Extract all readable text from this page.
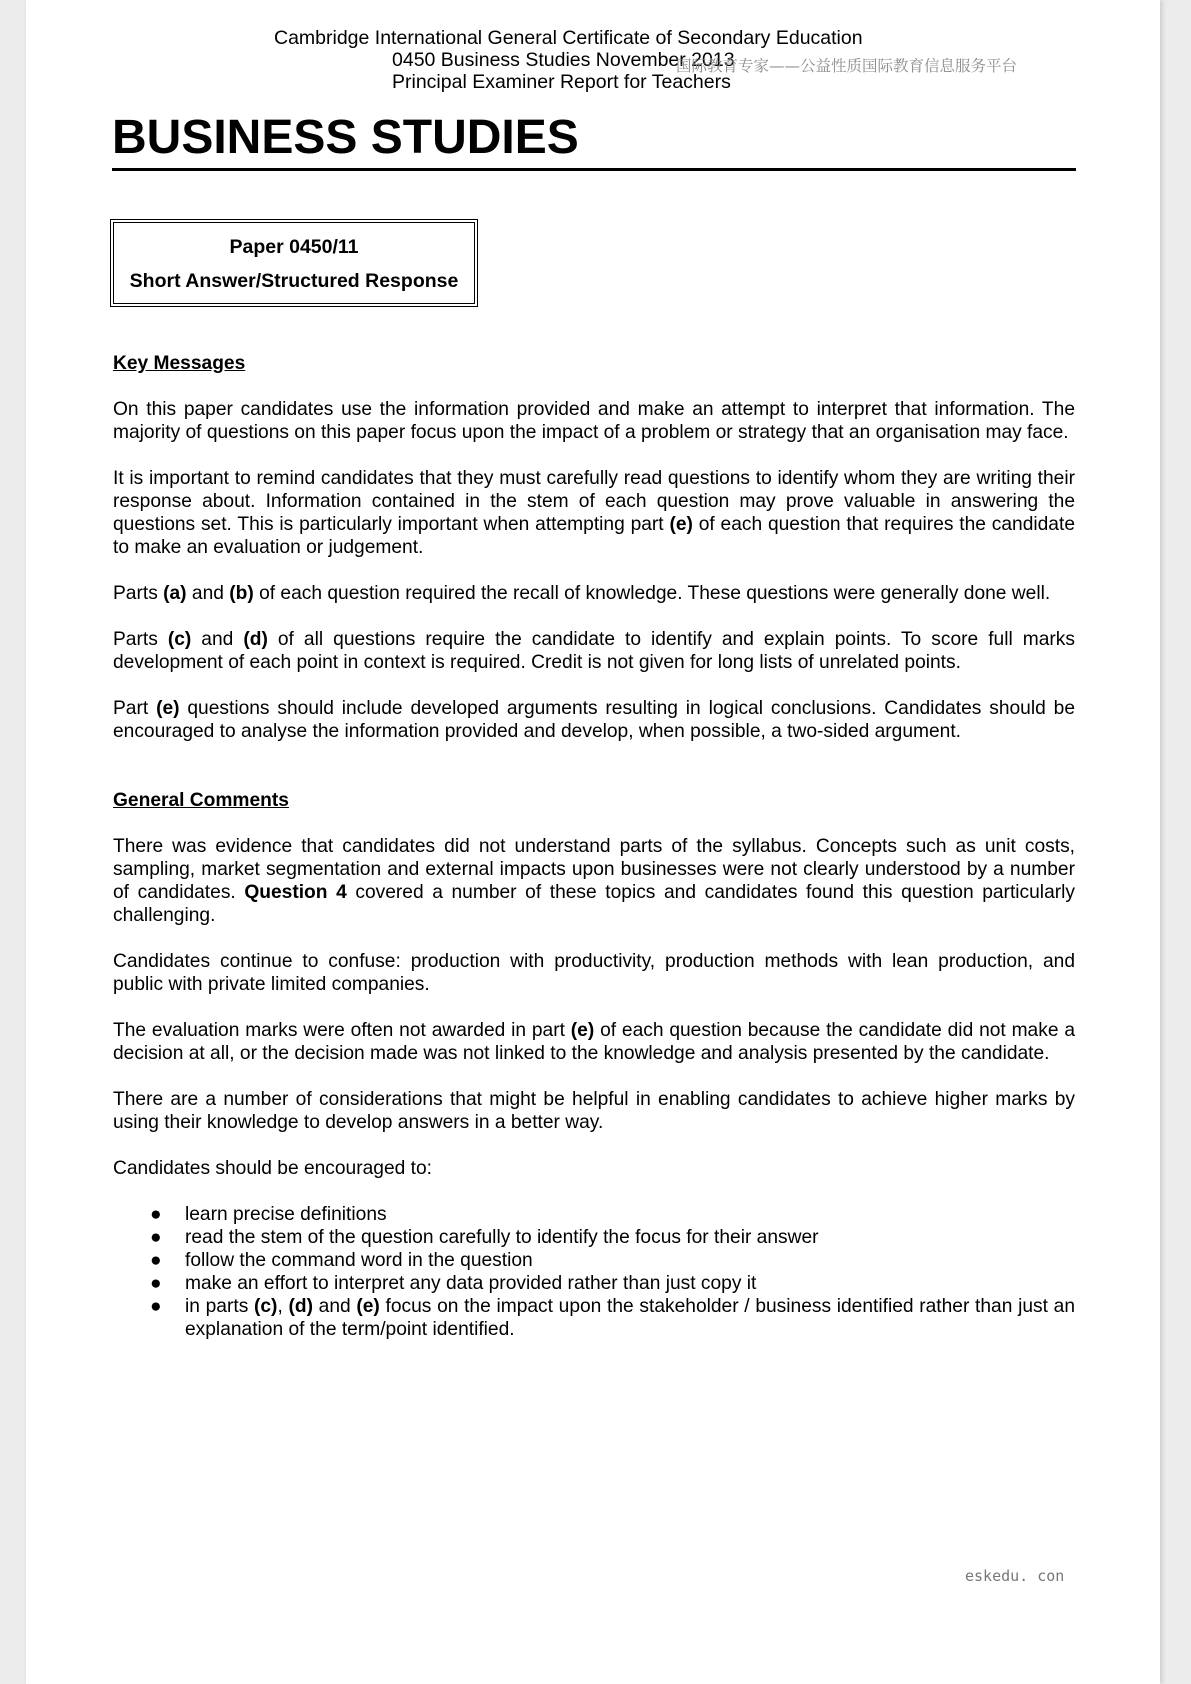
Cambridge International General Certificate of Secondary Education
0450 Business Studies November 2013
Principal Examiner Report for Teachers
国际教育专家——公益性质国际教育信息服务平台
BUSINESS STUDIES
Paper 0450/11
Short Answer/Structured Response

Key Messages

On this paper candidates use the information provided and make an attempt to interpret that information. The majority of questions on this paper focus upon the impact of a problem or strategy that an organisation may face.

It is important to remind candidates that they must carefully read questions to identify whom they are writing their response about. Information contained in the stem of each question may prove valuable in answering the questions set. This is particularly important when attempting part (e) of each question that requires the candidate to make an evaluation or judgement.

Parts (a) and (b) of each question required the recall of knowledge. These questions were generally done well.

Parts (c) and (d) of all questions require the candidate to identify and explain points. To score full marks development of each point in context is required. Credit is not given for long lists of unrelated points.

Part (e) questions should include developed arguments resulting in logical conclusions. Candidates should be encouraged to analyse the information provided and develop, when possible, a two-sided argument.

General Comments

There was evidence that candidates did not understand parts of the syllabus. Concepts such as unit costs, sampling, market segmentation and external impacts upon businesses were not clearly understood by a number of candidates. Question 4 covered a number of these topics and candidates found this question particularly challenging.

Candidates continue to confuse: production with productivity, production methods with lean production, and public with private limited companies.

The evaluation marks were often not awarded in part (e) of each question because the candidate did not make a decision at all, or the decision made was not linked to the knowledge and analysis presented by the candidate.

There are a number of considerations that might be helpful in enabling candidates to achieve higher marks by using their knowledge to develop answers in a better way.

Candidates should be encouraged to:

● learn precise definitions
● read the stem of the question carefully to identify the focus for their answer
● follow the command word in the question
● make an effort to interpret any data provided rather than just copy it
● in parts (c), (d) and (e) focus on the impact upon the stakeholder / business identified rather than just an explanation of the term/point identified.
eskedu. con
